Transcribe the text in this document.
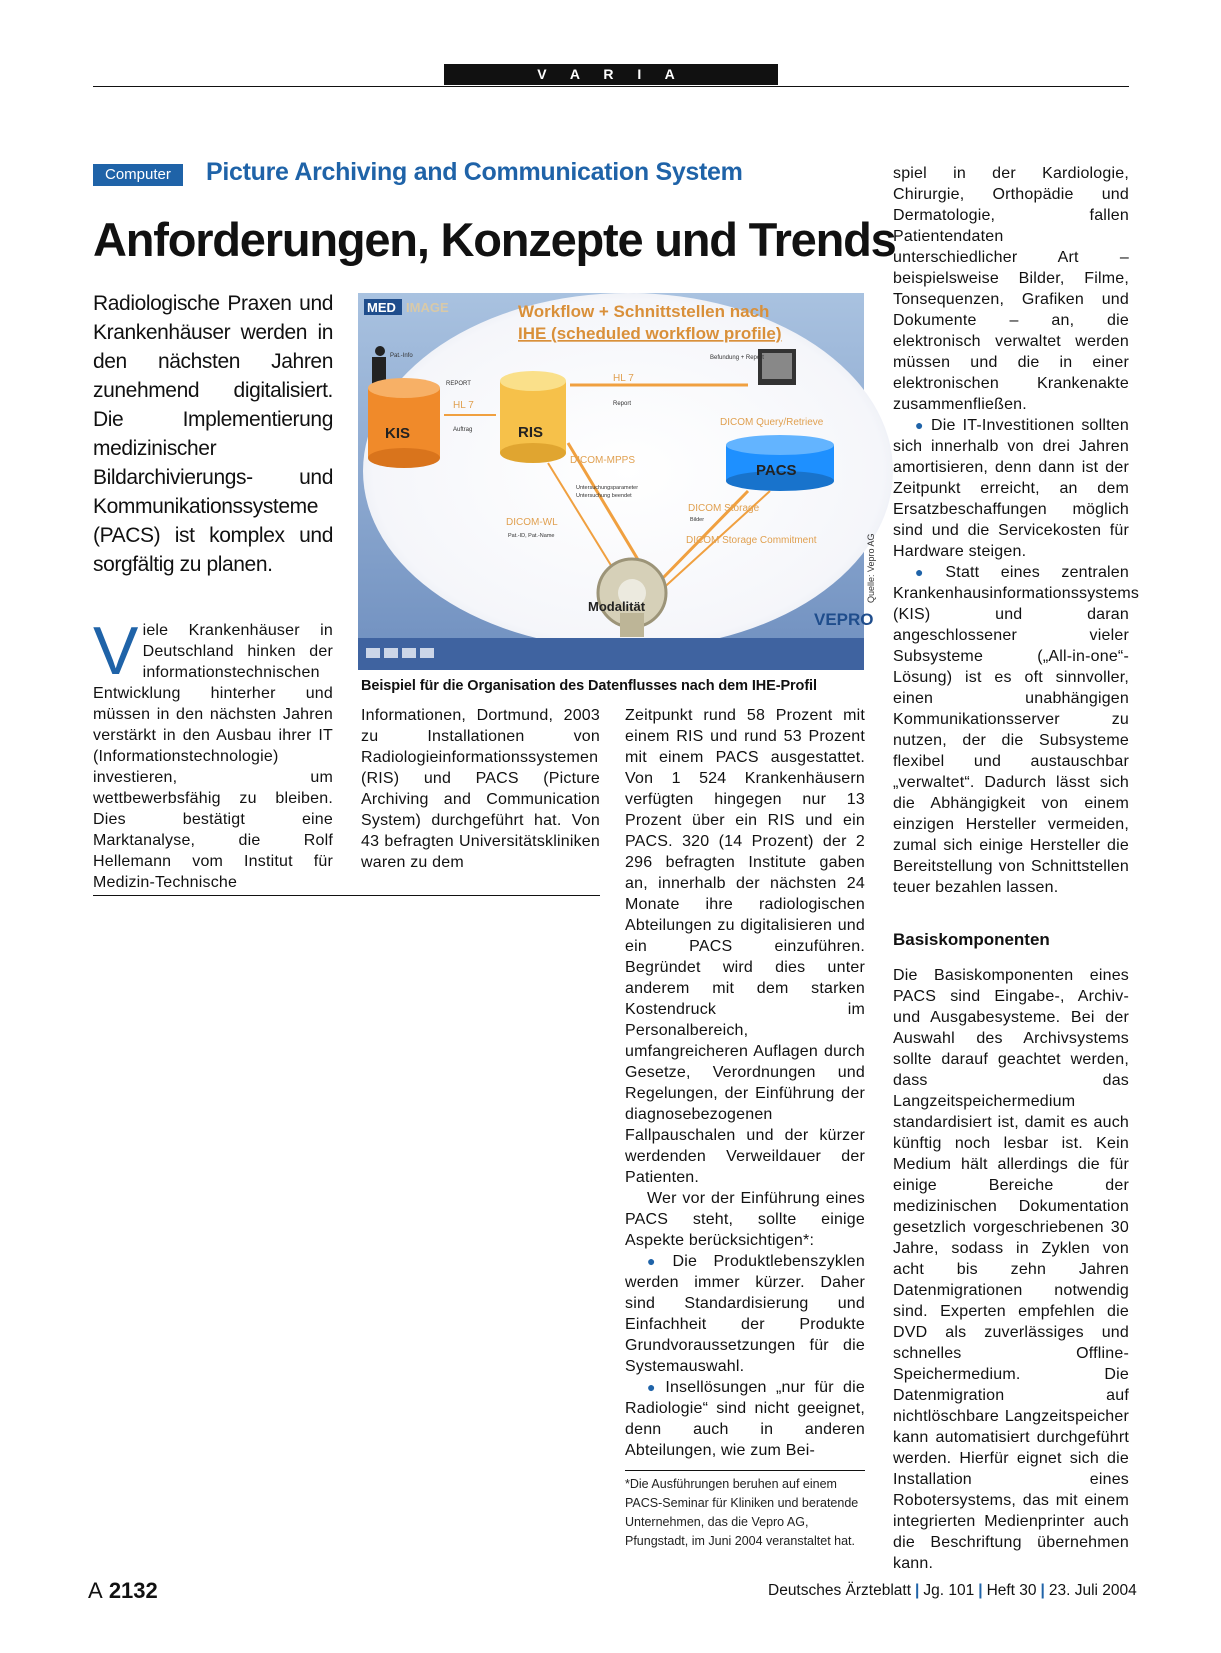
V A R I A
Computer	Picture Archiving and Communication System
Anforderungen, Konzepte und Trends
Radiologische Praxen und Krankenhäuser werden in den nächsten Jahren zunehmend digitalisiert. Die Implementierung medizinischer Bildarchivierungs- und Kommunikationssysteme (PACS) ist komplex und sorgfältig zu planen.
MED IMAGE	Workflow + Schnittstellen nach
IHE (scheduled workflow profile)
Pat.-Info
KIS	RIS
REPORT
HL 7
Auftrag
HL 7
Report
Befundung + Report
PACS
DICOM Query/Retrieve
DICOM-MPPS
Untersuchungsparameter
Untersuchung beendet
DICOM-WL
Pat.-ID, Pat.-Name
DICOM Storage
Bilder
DICOM Storage Commitment
Modalität
VEPRO
Quelle: Vepro AG
Beispiel für die Organisation des Datenflusses nach dem IHE-Profil
Viele Krankenhäuser in Deutschland hinken der informationstechnischen Entwicklung hinterher und müssen in den nächsten Jahren verstärkt in den Ausbau ihrer IT (Informationstechnologie) investieren, um wettbewerbsfähig zu bleiben. Dies bestätigt eine Marktanalyse, die Rolf Hellemann vom Institut für Medizin-Technische
Informationen, Dortmund, 2003 zu Installationen von Radiologieinformationssystemen (RIS) und PACS (Picture Archiving and Communication System) durchgeführt hat. Von 43 befragten Universitätskliniken waren zu dem

Zeitpunkt rund 58 Prozent mit einem RIS und rund 53 Prozent mit einem PACS ausgestattet. Von 1 524 Krankenhäusern verfügten hingegen nur 13 Prozent über ein RIS und ein PACS. 320 (14 Prozent) der 2 296 befragten Institute gaben an, innerhalb der nächsten 24 Monate ihre radiologischen Abteilungen zu digitalisieren und ein PACS einzuführen. Begründet wird dies unter anderem mit dem starken Kostendruck im Personalbereich, umfangreicheren Auflagen durch Gesetze, Verordnungen und Regelungen, der Einführung der diagnosebezogenen Fallpauschalen und der kürzer werdenden Verweildauer der Patienten.

Wer vor der Einführung eines PACS steht, sollte einige Aspekte berücksichtigen*:

● Die Produktlebenszyklen werden immer kürzer. Daher sind Standardisierung und Einfachheit der Produkte Grundvoraussetzungen für die Systemauswahl.

● Insellösungen „nur für die Radiologie“ sind nicht geeignet, denn auch in anderen Abteilungen, wie zum Bei-

*Die Ausführungen beruhen auf einem PACS-Seminar für Kliniken und beratende Unternehmen, das die Vepro AG, Pfungstadt, im Juni 2004 veranstaltet hat.

spiel in der Kardiologie, Chirurgie, Orthopädie und Dermatologie, fallen Patientendaten unterschiedlicher Art – beispielsweise Bilder, Filme, Tonsequenzen, Grafiken und Dokumente – an, die elektronisch verwaltet werden müssen und die in einer elektronischen Krankenakte zusammenfließen.

● Die IT-Investitionen sollten sich innerhalb von drei Jahren amortisieren, denn dann ist der Zeitpunkt erreicht, an dem Ersatzbeschaffungen möglich sind und die Servicekosten für Hardware steigen.

● Statt eines zentralen Krankenhausinformationssystems (KIS) und daran angeschlossener vieler Subsysteme („All-in-one“-Lösung) ist es oft sinnvoller, einen unabhängigen Kommunikationsserver zu nutzen, der die Subsysteme flexibel und austauschbar „verwaltet“. Dadurch lässt sich die Abhängigkeit von einem einzigen Hersteller vermeiden, zumal sich einige Hersteller die Bereitstellung von Schnittstellen teuer bezahlen lassen.

Basiskomponenten

Die Basiskomponenten eines PACS sind Eingabe-, Archiv- und Ausgabesysteme. Bei der Auswahl des Archivsystems sollte darauf geachtet werden, dass das Langzeitspeichermedium standardisiert ist, damit es auch künftig noch lesbar ist. Kein Medium hält allerdings die für einige Bereiche der medizinischen Dokumentation gesetzlich vorgeschriebenen 30 Jahre, sodass in Zyklen von acht bis zehn Jahren Datenmigrationen notwendig sind. Experten empfehlen die DVD als zuverlässiges und schnelles Offline-Speichermedium. Die Datenmigration auf nichtlöschbare Langzeitspeicher kann automatisiert durchgeführt werden. Hierfür eignet sich die Installation eines Robotersystems, das mit einem integrierten Medienprinter auch die Beschriftung übernehmen kann.

A 2132	Deutsches Ärzteblatt | Jg. 101 | Heft 30 | 23. Juli 2004
